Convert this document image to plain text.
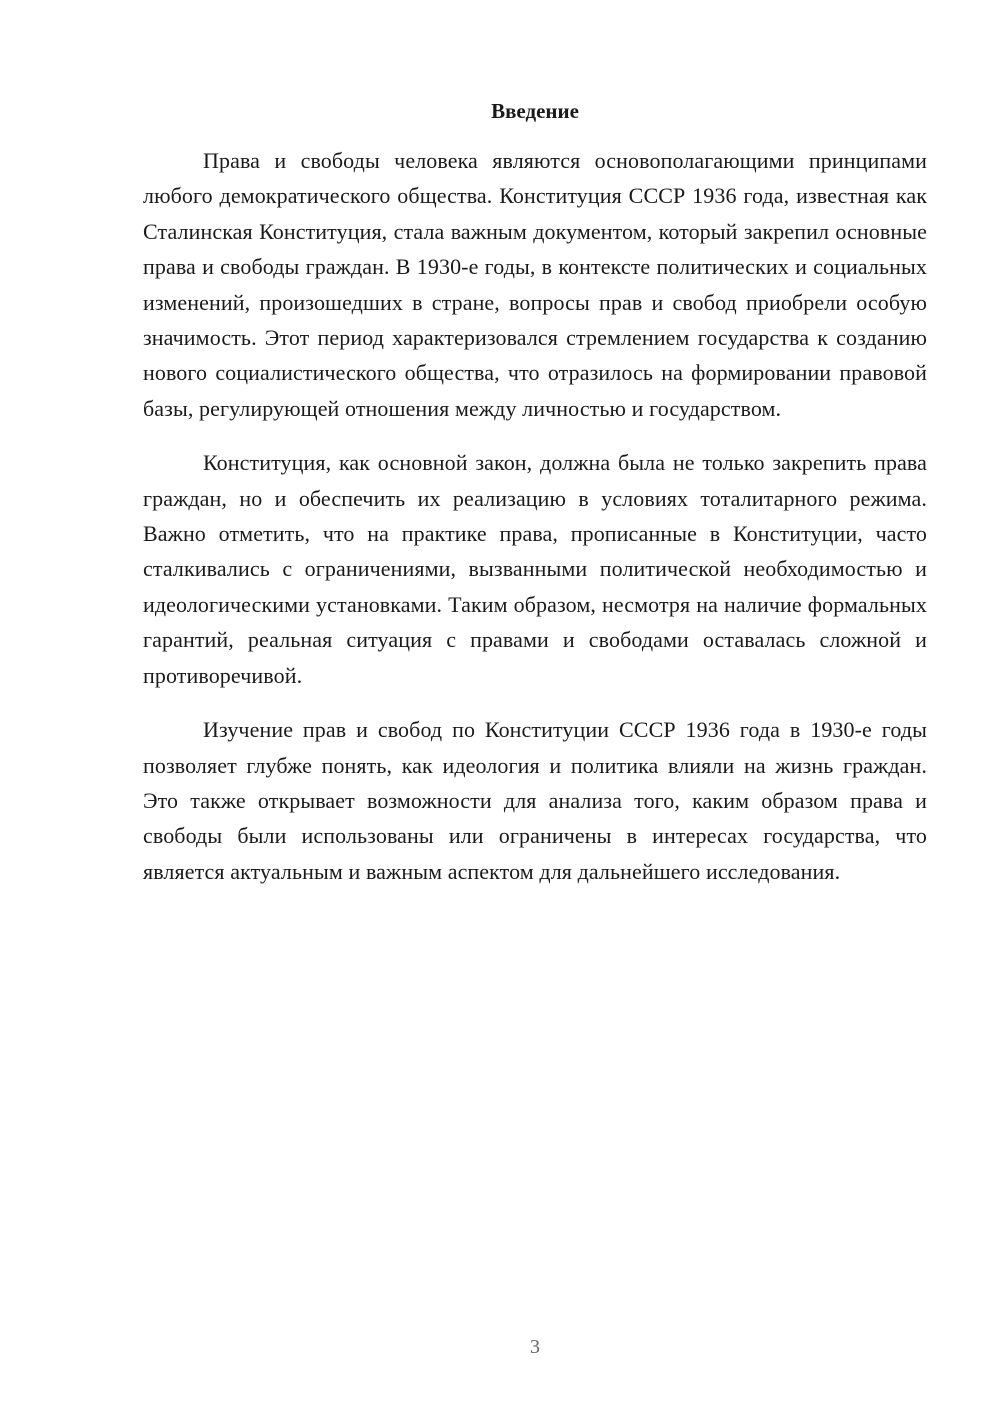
Введение

Права и свободы человека являются основополагающими принципами любого демократического общества. Конституция СССР 1936 года, известная как Сталинская Конституция, стала важным документом, который закрепил основные права и свободы граждан. В 1930-е годы, в контексте политических и социальных изменений, произошедших в стране, вопросы прав и свобод приобрели особую значимость. Этот период характеризовался стремлением государства к созданию нового социалистического общества, что отразилось на формировании правовой базы, регулирующей отношения между личностью и государством.

Конституция, как основной закон, должна была не только закрепить права граждан, но и обеспечить их реализацию в условиях тоталитарного режима. Важно отметить, что на практике права, прописанные в Конституции, часто сталкивались с ограничениями, вызванными политической необходимостью и идеологическими установками. Таким образом, несмотря на наличие формальных гарантий, реальная ситуация с правами и свободами оставалась сложной и противоречивой.

Изучение прав и свобод по Конституции СССР 1936 года в 1930-е годы позволяет глубже понять, как идеология и политика влияли на жизнь граждан. Это также открывает возможности для анализа того, каким образом права и свободы были использованы или ограничены в интересах государства, что является актуальным и важным аспектом для дальнейшего исследования.

3
